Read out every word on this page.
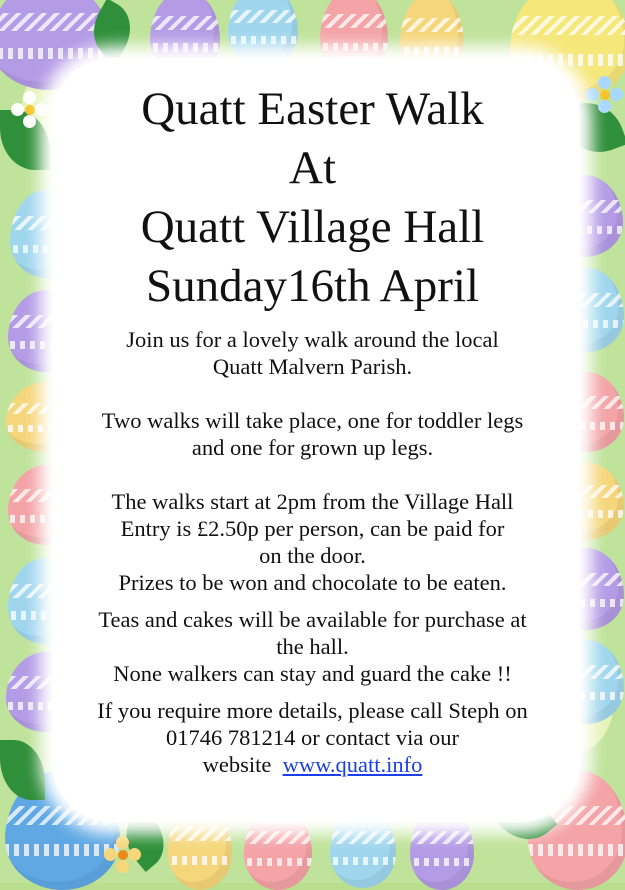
Quatt Easter Walk
At
Quatt Village Hall
Sunday16th April
Join us for a lovely walk around the local
Quatt Malvern Parish.
Two walks will take place, one for toddler legs
and one for grown up legs.
The walks start at 2pm from the Village Hall
Entry is £2.50p per person, can be paid for
on the door.
Prizes to be won and chocolate to be eaten.
Teas and cakes will be available for purchase at
the hall.
None walkers can stay and guard the cake !!
If you require more details, please call Steph on
01746 781214 or contact via our
website www.quatt.info
